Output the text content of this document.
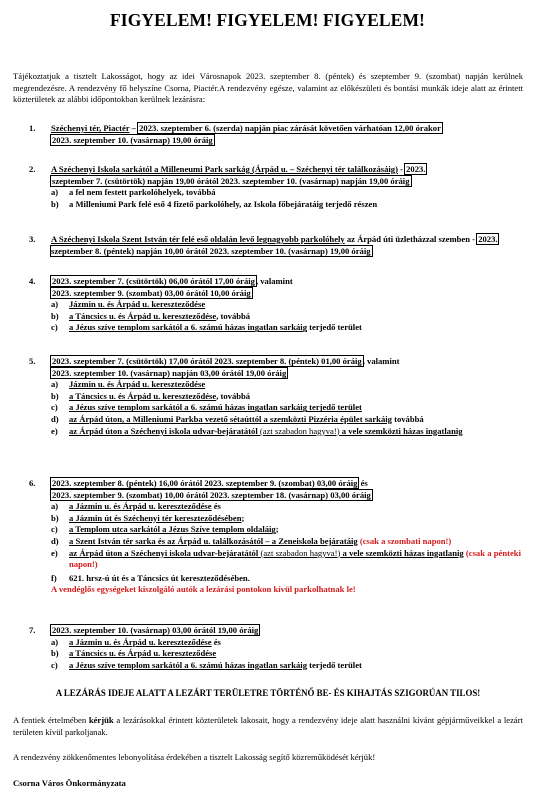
FIGYELEM! FIGYELEM! FIGYELEM!
Tájékoztatjuk a tisztelt Lakosságot, hogy az idei Városnapok 2023. szeptember 8. (péntek) és szeptember 9. (szombat) napján kerülnek megrendezésre. A rendezvény fő helyszíne Csorna, Piactér.A rendezvény egésze, valamint az előkészületi és bontási munkák ideje alatt az érintett közterületek az alábbi időpontokban kerülnek lezárásra:
1. Széchenyi tér, Piactér – 2023. szeptember 6. (szerda) napján piac zárását követően várhatóan 12,00 órakor
2023. szeptember 10. (vasárnap) 19,00 óráig
2. A Széchenyi Iskola sarkától a Milleneumi Park sarkág (Árpád u. – Széchenyi tér találkozásáig) - 2023.
szeptember 7. (csütörtök) napján 19,00 órától 2023. szeptember 10. (vasárnap) napján 19,00 óráig
a)	a fel nem festett parkolóhelyek, továbbá
b)	a Milleniumi Park felé eső 4 fizető parkolóhely, az Iskola főbejáratáig terjedő részen
3. A Széchenyi Iskola Szent István tér felé eső oldalán levő legnagyobb parkolóhely az Árpád úti üzletházzal szemben - 2023. szeptember 8. (péntek) napján 10,00 órától 2023. szeptember 10. (vasárnap) 19,00 óráig
4. 2023. szeptember 7. (csütörtök) 06,00 órától 17,00 óráig, valamint
2023. szeptember 9. (szombat) 03,00 órától 10,00 óráig
a)	Jázmin u. és Árpád u. kereszteződése
b)	a Táncsics u. és Árpád u. kereszteződése, továbbá
c)	a Jézus szíve templom sarkától a 6. számú házas ingatlan sarkáig terjedő terület
5. 2023. szeptember 7. (csütörtök) 17,00 órától 2023. szeptember 8. (péntek) 01,00 óráig, valamint
2023. szeptember 10. (vasárnap) napján 03,00 órától 19,00 óráig
a)	Jázmin u. és Árpád u. kereszteződése
b)	a Táncsics u. és Árpád u. kereszteződése, továbbá
c)	a Jézus szíve templom sarkától a 6. számú házas ingatlan sarkáig terjedő terület
d)	az Árpád úton, a Milleniumi Parkba vezető sétaúttól a szemközti Pizzéria épület sarkáig továbbá
e)	az Árpád úton a Széchenyi iskola udvar-bejáratától (azt szabadon hagyva!) a vele szemközti házas ingatlanig
6. 2023. szeptember 8. (péntek) 16,00 órától 2023. szeptember 9. (szombat) 03,00 óráig és
2023. szeptember 9. (szombat) 10,00 órától 2023. szeptember 18. (vasárnap) 03,00 óráig
a)	a Jázmin u. és Árpád u. kereszteződése és
b)	a Jázmin út és Széchenyi tér kereszteződésében;
c)	a Templom utca sarkától a Jézus Szíve templom oldaláig;
d)	a Szent István tér sarka és az Árpád u. találkozásától – a Zeneiskola bejáratáig (csak a szombati napon!)
e)	az Árpád úton a Széchenyi iskola udvar-bejáratától (azt szabadon hagyva!) a vele szemközti házas ingatlanig (csak a pénteki napon!)
f)	621. hrsz-ú út és a Táncsics út kereszteződésében.
A vendéglős egységeket kiszolgáló autók a lezárási pontokon kívül parkolhatnak le!
7. 2023. szeptember 10. (vasárnap) 03,00 órától 19,00 óráig
a)	a Jázmin u. és Árpád u. kereszteződése és
b)	a Táncsics u. és Árpád u. kereszteződése
c)	a Jézus szíve templom sarkától a 6. számú házas ingatlan sarkáig terjedő terület
A LEZÁRÁS IDEJE ALATT A LEZÁRT TERÜLETRE TÖRTÉNŐ BE- ÉS KIHAJTÁS SZIGORÚAN TILOS!
A fentiek értelmében kérjük a lezárásokkal érintett közterületek lakosait, hogy a rendezvény ideje alatt használni kívánt gépjárműveikkel a lezárt területen kívül parkoljanak.
A rendezvény zökkenőmentes lebonyolítása érdekében a tisztelt Lakosság segítő közreműködését kérjük!
Csorna Város Önkormányzata
